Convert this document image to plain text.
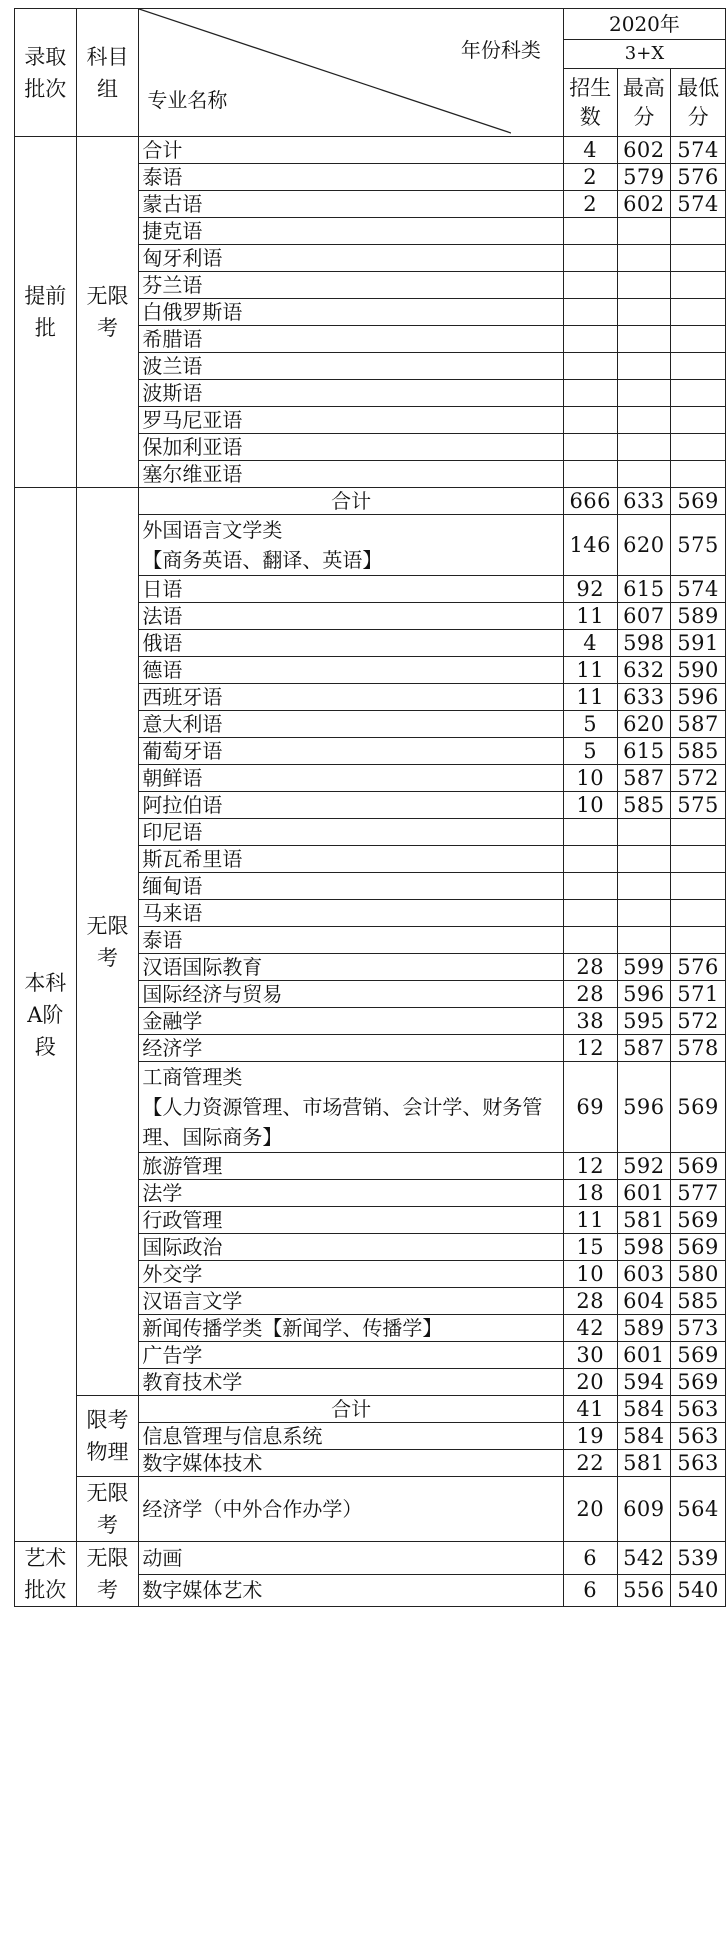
录取批次	科目组	年份科类
专业名称	2020年		
			3+X		
			招生数	最高分	最低分

提前批	无限考	合计	4	602	574
		泰语	2	579	576
		蒙古语	2	602	574
		捷克语			
		匈牙利语			
		芬兰语			
		白俄罗斯语			
		希腊语			
		波兰语			
		波斯语			
		罗马尼亚语			
		保加利亚语			
		塞尔维亚语			

本科A阶段	无限考	合计	666	633	569

		外国语言文学类
【商务英语、翻译、英语】	146	620	575
		日语	92	615	574
		法语	11	607	589
		俄语	4	598	591
		德语	11	632	590
		西班牙语	11	633	596
		意大利语	5	620	587
		葡萄牙语	5	615	585
		朝鲜语	10	587	572
		阿拉伯语	10	585	575
		印尼语			
		斯瓦希里语			
		缅甸语			
		马来语			
		泰语			
		汉语国际教育	28	599	576
		国际经济与贸易	28	596	571
		金融学	38	595	572
		经济学	12	587	578

		工商管理类
【人力资源管理、市场营销、会计学、财务管理、国际商务】	69	596	569
		旅游管理	12	592	569
		法学	18	601	577
		行政管理	11	581	569
		国际政治	15	598	569
		外交学	10	603	580
		汉语言文学	28	604	585
		新闻传播学类【新闻学、传播学】	42	589	573
		广告学	30	601	569
		教育技术学	20	594	569

	限考物理	合计	41	584	563
		信息管理与信息系统	19	584	563
		数字媒体技术	22	581	563

	无限考	经济学（中外合作办学）	20	609	564

艺术批次	无限考	动画	6	542	539
		数字媒体艺术	6	556	540
